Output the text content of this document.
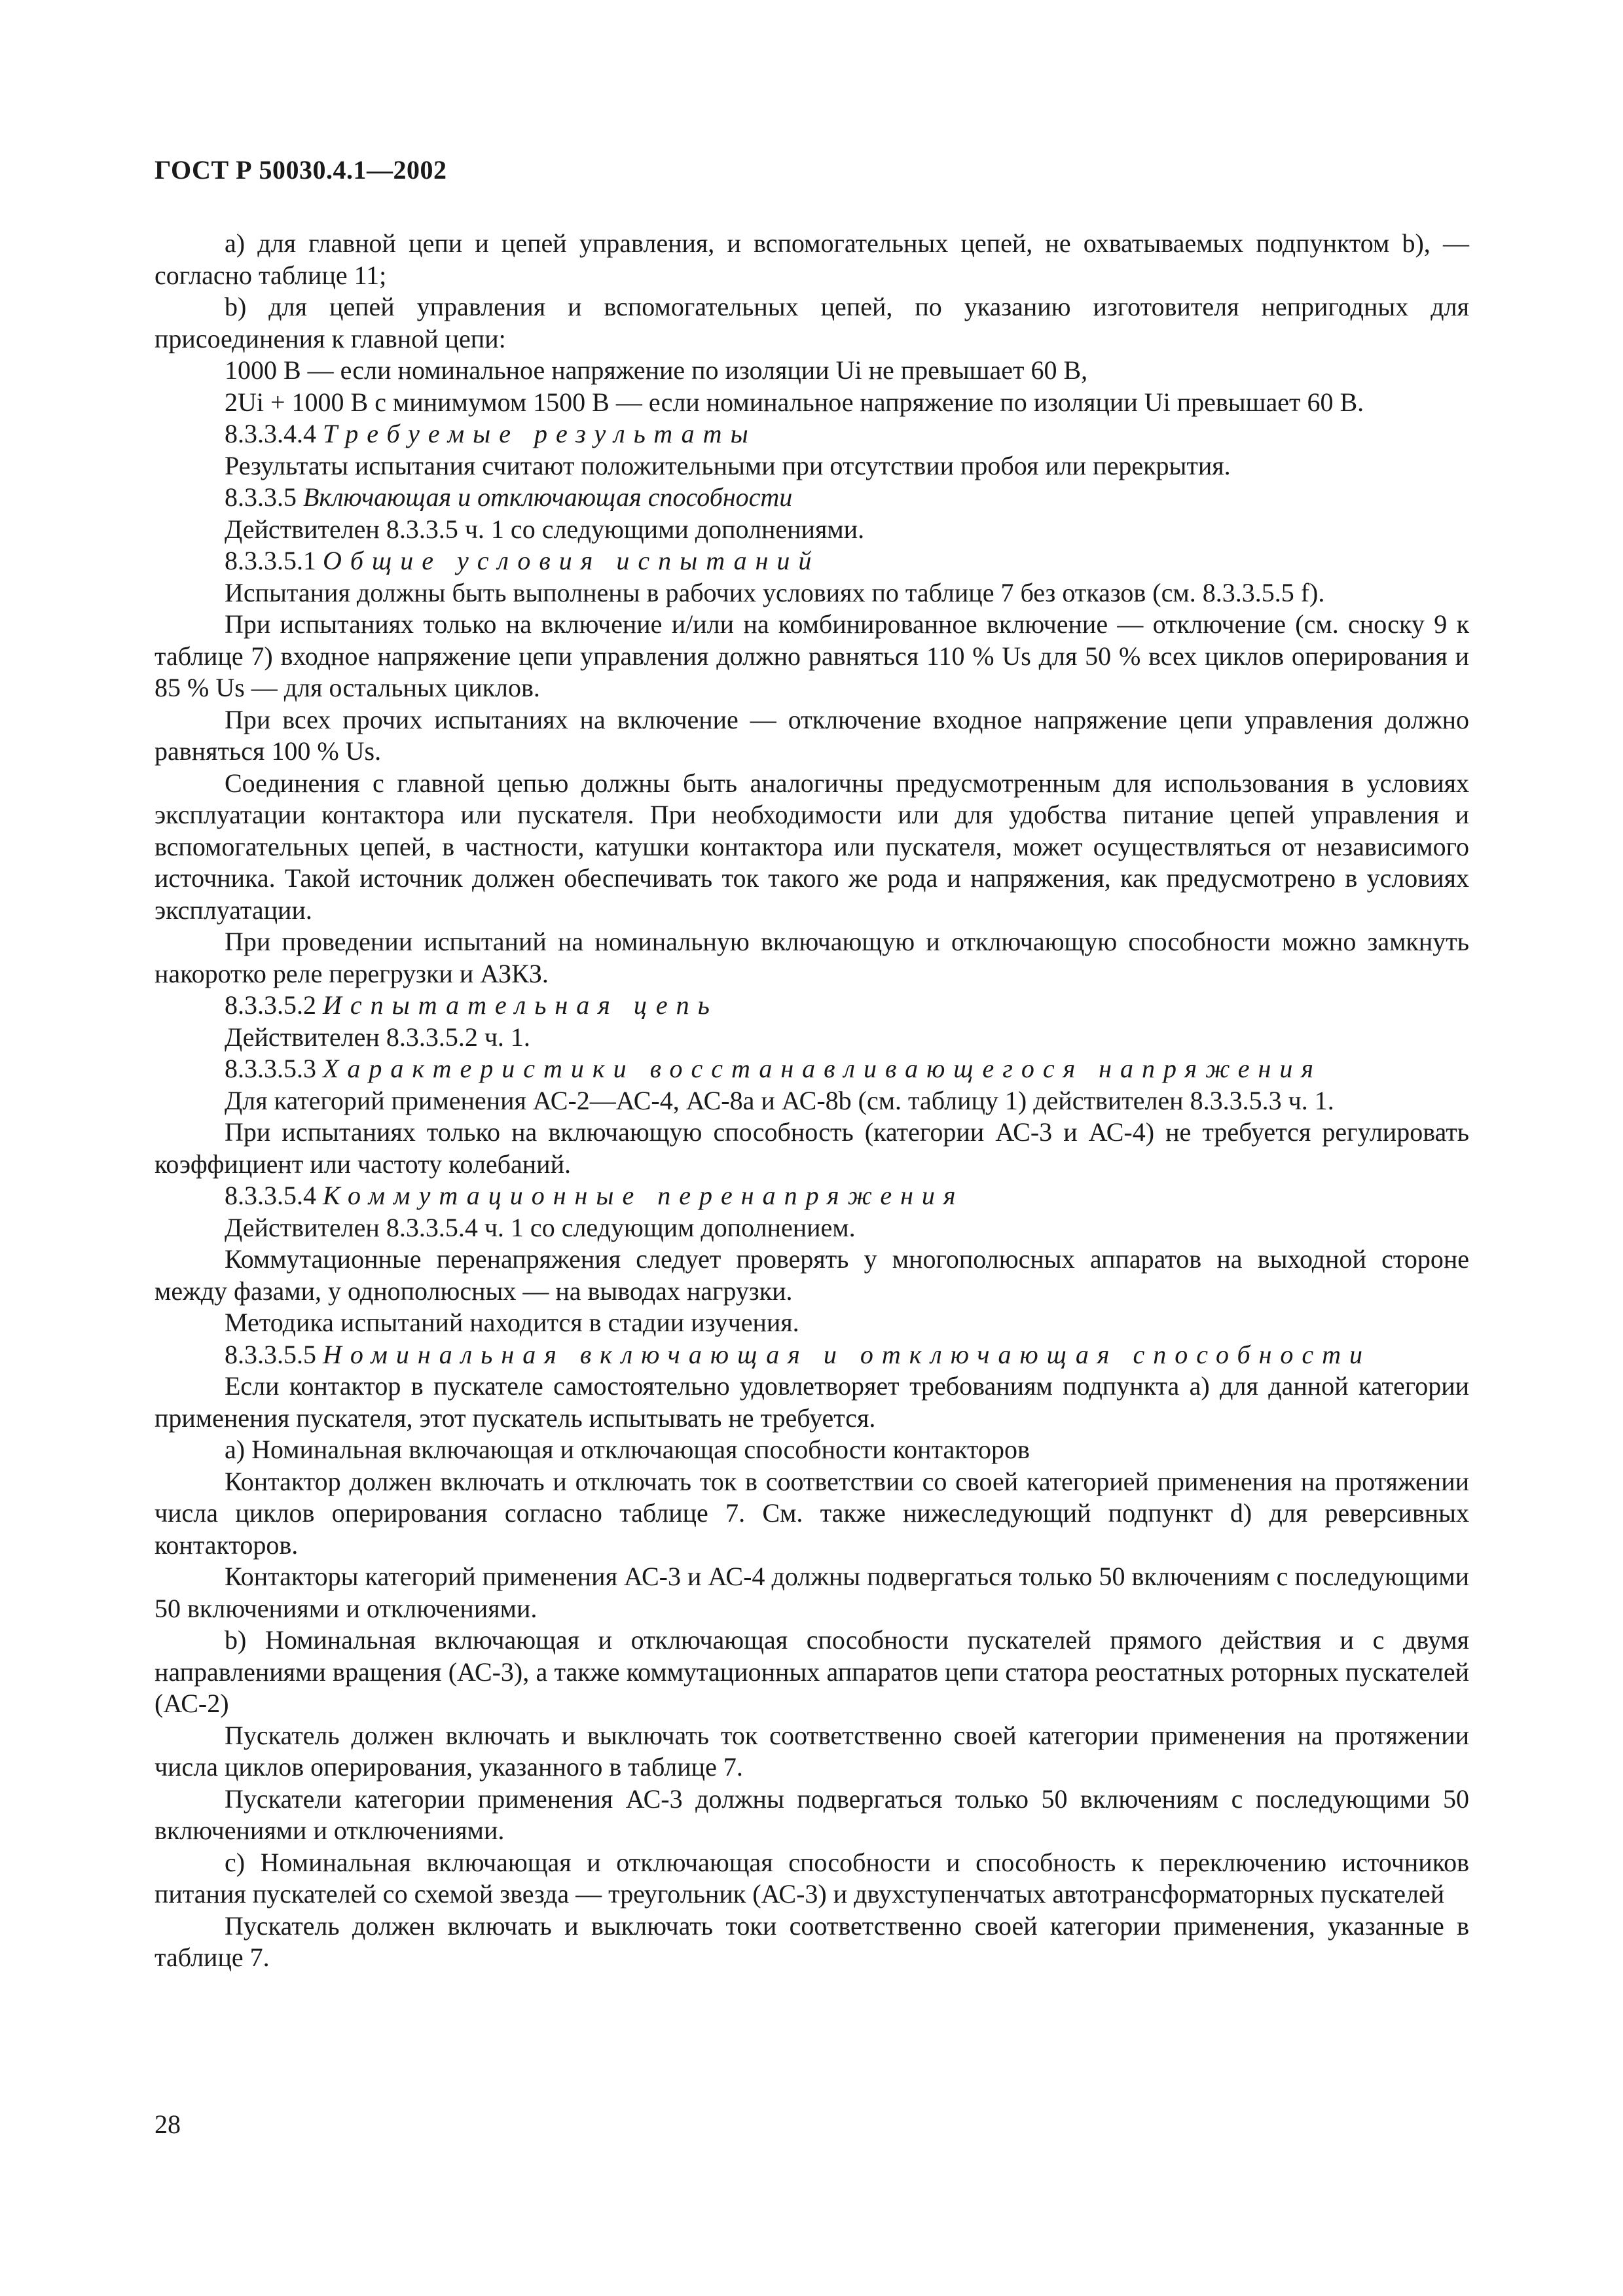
ГОСТ Р 50030.4.1—2002

a) для главной цепи и цепей управления, и вспомогательных цепей, не охватываемых подпунктом b), — согласно таблице 11;

b) для цепей управления и вспомогательных цепей, по указанию изготовителя непригодных для присоединения к главной цепи:

1000 В — если номинальное напряжение по изоляции Ui не превышает 60 В,

2Ui + 1000 В с минимумом 1500 В — если номинальное напряжение по изоляции Ui превышает 60 В.

8.3.3.4.4 Требуемые результаты

Результаты испытания считают положительными при отсутствии пробоя или перекрытия.

8.3.3.5 Включающая и отключающая способности

Действителен 8.3.3.5 ч. 1 со следующими дополнениями.

8.3.3.5.1 Общие условия испытаний

Испытания должны быть выполнены в рабочих условиях по таблице 7 без отказов (см. 8.3.3.5.5 f).

При испытаниях только на включение и/или на комбинированное включение — отключение (см. сноску 9 к таблице 7) входное напряжение цепи управления должно равняться 110 % Us для 50 % всех циклов оперирования и 85 % Us — для остальных циклов.

При всех прочих испытаниях на включение — отключение входное напряжение цепи управления должно равняться 100 % Us.

Соединения с главной цепью должны быть аналогичны предусмотренным для использования в условиях эксплуатации контактора или пускателя. При необходимости или для удобства питание цепей управления и вспомогательных цепей, в частности, катушки контактора или пускателя, может осуществляться от независимого источника. Такой источник должен обеспечивать ток такого же рода и напряжения, как предусмотрено в условиях эксплуатации.

При проведении испытаний на номинальную включающую и отключающую способности можно замкнуть накоротко реле перегрузки и АЗКЗ.

8.3.3.5.2 Испытательная цепь

Действителен 8.3.3.5.2 ч. 1.

8.3.3.5.3 Характеристики восстанавливающегося напряжения

Для категорий применения АС-2—АС-4, АС-8а и АС-8b (см. таблицу 1) действителен 8.3.3.5.3 ч. 1.

При испытаниях только на включающую способность (категории АС-3 и АС-4) не требуется регулировать коэффициент или частоту колебаний.

8.3.3.5.4 Коммутационные перенапряжения

Действителен 8.3.3.5.4 ч. 1 со следующим дополнением.

Коммутационные перенапряжения следует проверять у многополюсных аппаратов на выходной стороне между фазами, у однополюсных — на выводах нагрузки.

Методика испытаний находится в стадии изучения.

8.3.3.5.5 Номинальная включающая и отключающая способности

Если контактор в пускателе самостоятельно удовлетворяет требованиям подпункта а) для данной категории применения пускателя, этот пускатель испытывать не требуется.

а) Номинальная включающая и отключающая способности контакторов

Контактор должен включать и отключать ток в соответствии со своей категорией применения на протяжении числа циклов оперирования согласно таблице 7. См. также нижеследующий подпункт d) для реверсивных контакторов.

Контакторы категорий применения АС-3 и АС-4 должны подвергаться только 50 включениям с последующими 50 включениями и отключениями.

b) Номинальная включающая и отключающая способности пускателей прямого действия и с двумя направлениями вращения (АС-3), а также коммутационных аппаратов цепи статора реостатных роторных пускателей (АС-2)

Пускатель должен включать и выключать ток соответственно своей категории применения на протяжении числа циклов оперирования, указанного в таблице 7.

Пускатели категории применения АС-3 должны подвергаться только 50 включениям с последующими 50 включениями и отключениями.

с) Номинальная включающая и отключающая способности и способность к переключению источников питания пускателей со схемой звезда — треугольник (АС-3) и двухступенчатых автотрансформаторных пускателей

Пускатель должен включать и выключать токи соответственно своей категории применения, указанные в таблице 7.

28
